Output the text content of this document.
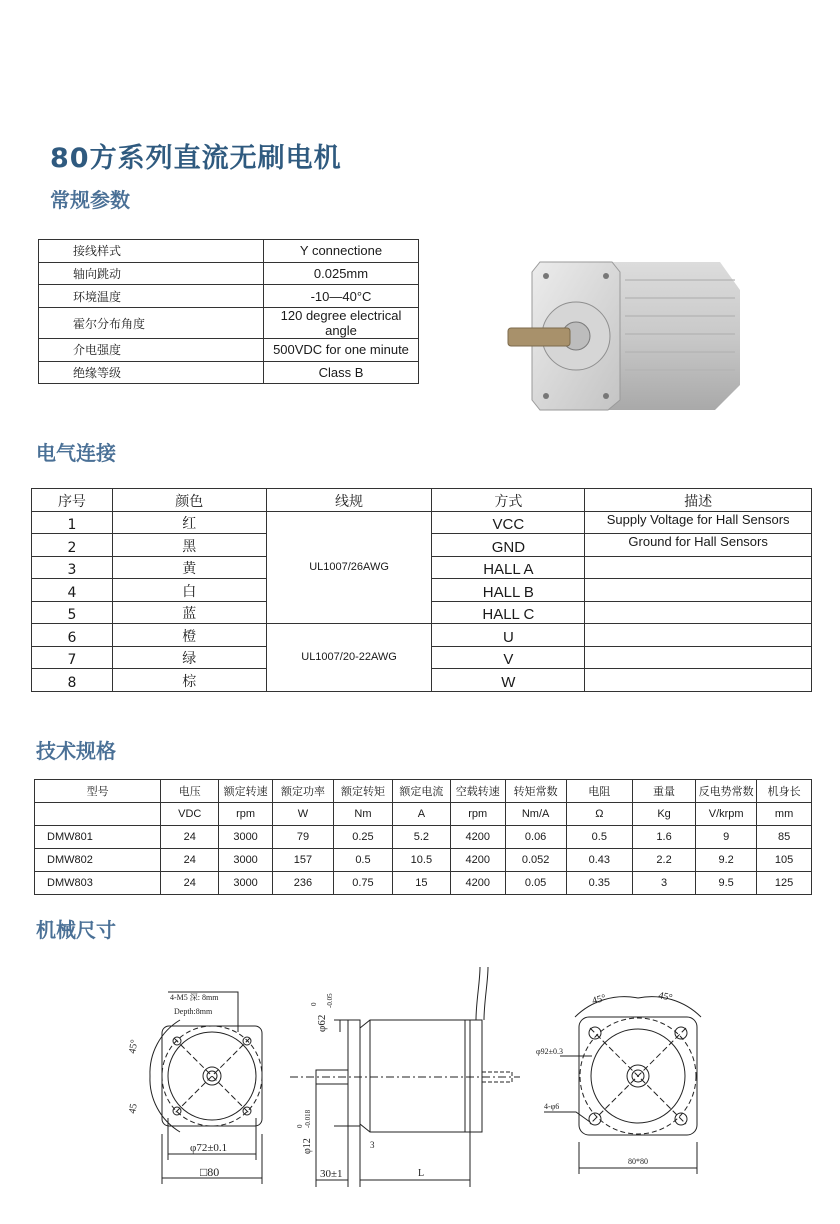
80方系列直流无刷电机
常规参数
接线样式	Y connectione
轴向跳动	0.025mm
环境温度	-10—40°C
霍尔分布角度	120 degree electrical angle
介电强度	500VDC for one minute
绝缘等级	Class B
电气连接
序号	颜色	线规	方式	描述
1	红	UL1007/26AWG	VCC	Supply Voltage for Hall Sensors
2	黑		GND	Ground for Hall Sensors
3	黄		HALL A	
4	白		HALL B	
5	蓝		HALL C	
6	橙	UL1007/20-22AWG	U	
7	绿		V	
8	棕		W	
技术规格
型号	电压	额定转速	额定功率	额定转矩	额定电流	空载转速	转矩常数	电阻	重量	反电势常数	机身长
	VDC	rpm	W	Nm	A	rpm	Nm/A	Ω	Kg	V/krpm	mm
DMW801	24	3000	79	0.25	5.2	4200	0.06	0.5	1.6	9	85
DMW802	24	3000	157	0.5	10.5	4200	0.052	0.43	2.2	9.2	105
DMW803	24	3000	236	0.75	15	4200	0.05	0.35	3	9.5	125
机械尺寸
4-M5 深: 8mm
Depth:8mm
45°
45
φ72±0.1
□80
φ62
0 -0.05
φ12
0 -0.018
3
30±1	L
45°	45°
φ92±0.3
4-φ6
80*80
